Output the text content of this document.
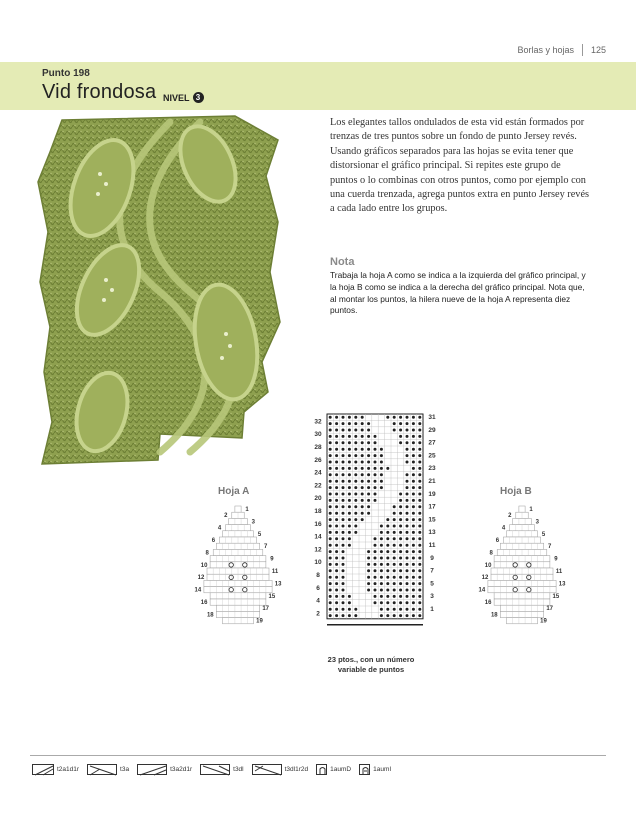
Borlas y hojas 125
Punto 198
Vid frondosa NIVEL 3
Los elegantes tallos ondulados de esta vid están formados por trenzas de tres puntos sobre un fondo de punto Jersey revés. Usando gráficos separados para las hojas se evita tener que distorsionar el gráfico principal. Si repites este grupo de puntos o lo combinas con otros puntos, como por ejemplo con una cuerda trenzada, agrega puntos extra en punto Jersey revés a cada lado entre los grupos.
Nota
Trabaja la hoja A como se indica a la izquierda del gráfico principal, y la hoja B como se indica a la derecha del gráfico principal. Nota que, al montar los puntos, la hilera nueve de la hoja A representa diez puntos.
Hoja A	Hoja B
18
16
14
12
10
8
6
4
2
19
17
15
13
11
9
7
5
3
1
32
30
28
26
24
22
20
18
16
14
12
10
8
6
4
2
31
29
27
25
23
21
19
17
15
13
11
9
7
5
3
1
18
16
14
12
10
8
6
4
2
19
17
15
13
11
9
7
5
3
1
23 ptos., con un número variable de puntos
t2a1d1r	t3a	t3a2d1r	t3dl	t3dl1r2d	1aumD	1aumI
